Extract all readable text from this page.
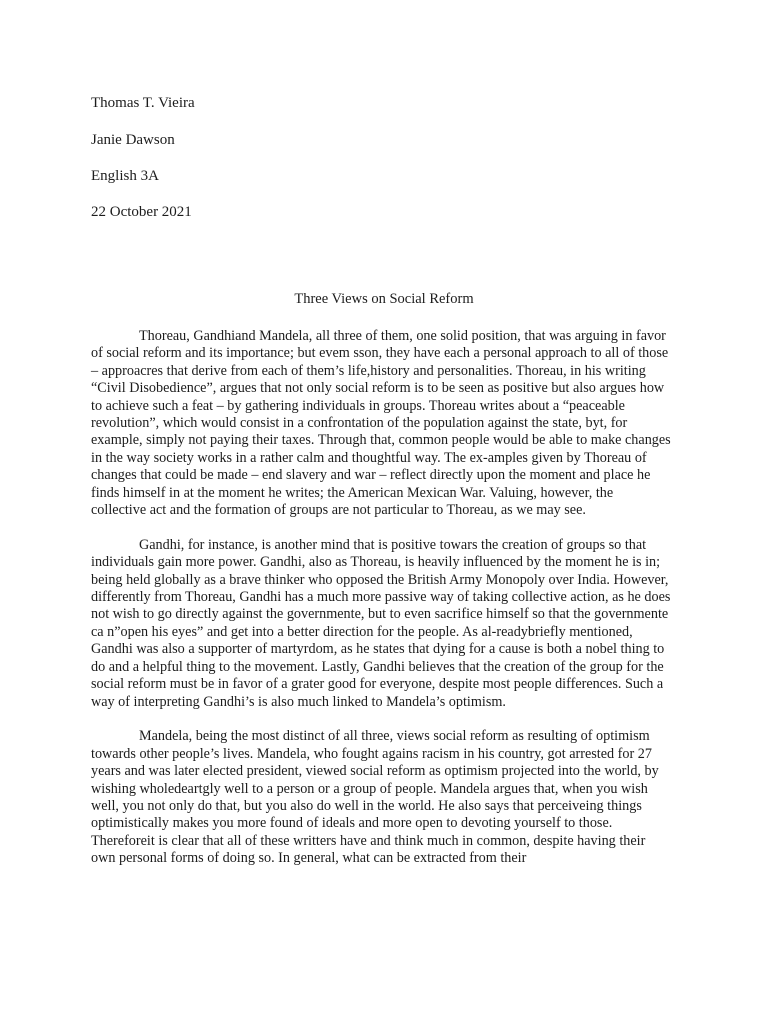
Thomas T. Vieira
Janie Dawson
English 3A
22 October 2021
Three Views on Social Reform

Thoreau, Gandhiand Mandela, all three of them, one solid position, that was arguing in favor of social reform and its importance; but evem sson, they have each a personal approach to all of those – approacres that derive from each of them’s life,history and personalities. Thoreau, in his writing “Civil Disobedience”, argues that not only social reform is to be seen as positive but also argues how to achieve such a feat – by gathering individuals in groups. Thoreau writes about a “peaceable revolution”, which would consist in a confrontation of the population against the state, byt, for example, simply not paying their taxes. Through that, common people would be able to make changes in the way society works in a rather calm and thoughtful way. The ex-amples given by Thoreau of changes that could be made – end slavery and war – reflect directly upon the moment and place he finds himself in at the moment he writes; the American Mexican War. Valuing, however, the collective act and the formation of groups are not particular to Thoreau, as we may see.

Gandhi, for instance, is another mind that is positive towars the creation of groups so that individuals gain more power. Gandhi, also as Thoreau, is heavily influenced by the moment he is in; being held globally as a brave thinker who opposed the British Army Monopoly over India. However, differently from Thoreau, Gandhi has a much more passive way of taking collective action, as he does not wish to go directly against the governmente, but to even sacrifice himself so that the governmente ca n”open his eyes” and get into a better direction for the people. As al-readybriefly mentioned, Gandhi was also a supporter of martyrdom, as he states that dying for a cause is both a nobel thing to do and a helpful thing to the movement. Lastly, Gandhi believes that the creation of the group for the social reform must be in favor of a grater good for everyone, despite most people differences. Such a way of interpreting Gandhi’s is also much linked to Mandela’s optimism.

Mandela, being the most distinct of all three, views social reform as resulting of optimism towards other people’s lives. Mandela, who fought agains racism in his country, got arrested for 27 years and was later elected president, viewed social reform as optimism projected into the world, by wishing wholedeartgly well to a person or a group of people. Mandela argues that, when you wish well, you not only do that, but you also do well in the world. He also says that perceiveing things optimistically makes you more found of ideals and more open to devoting yourself to those. Thereforeit is clear that all of these writters have and think much in common, despite having their own personal forms of doing so. In general, what can be extracted from their
